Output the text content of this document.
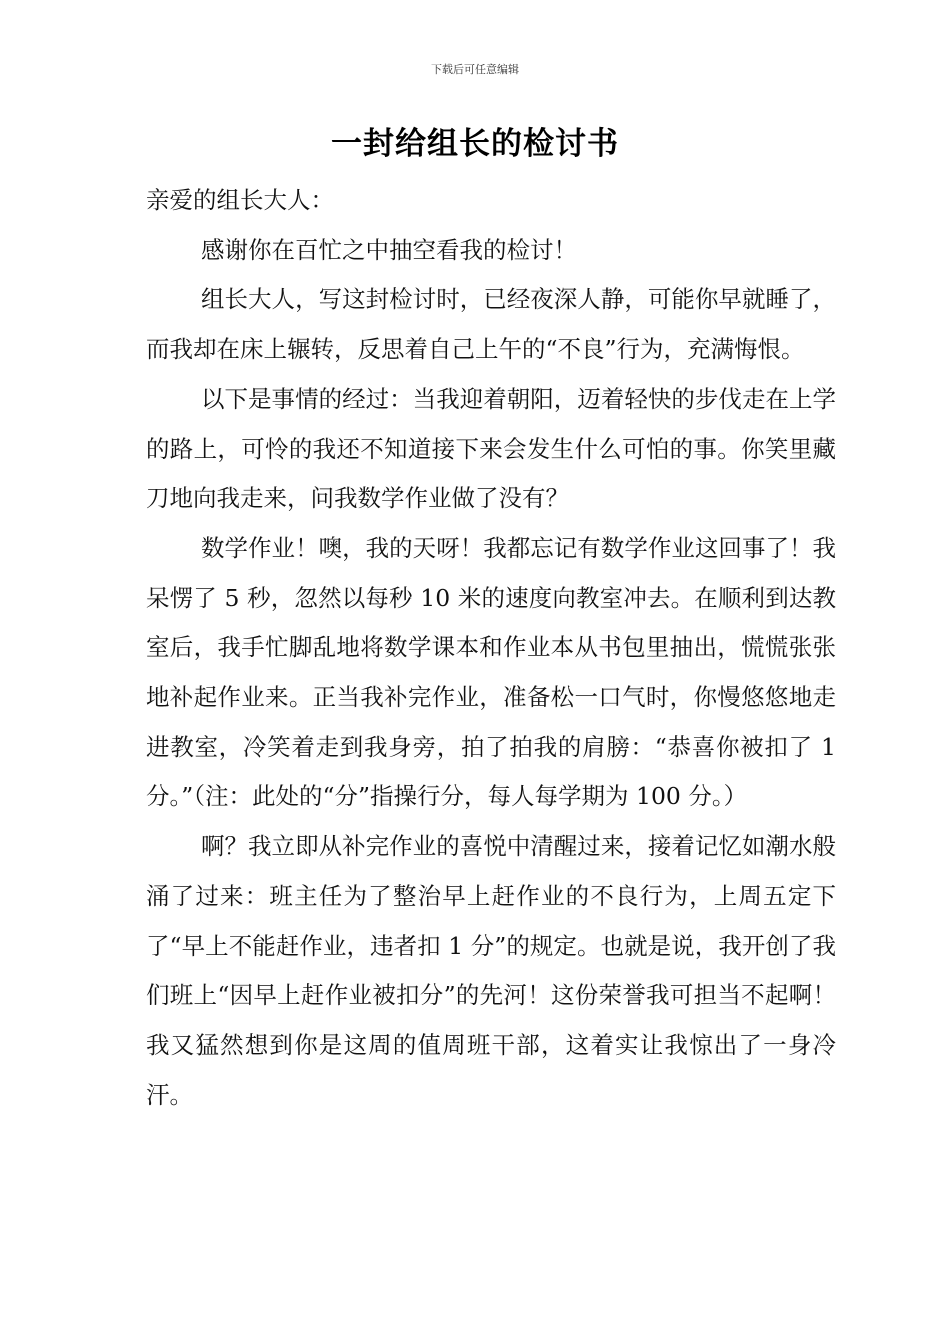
下载后可任意编辑
一封给组长的检讨书

亲爱的组长大人：

感谢你在百忙之中抽空看我的检讨！

组长大人，写这封检讨时，已经夜深人静，可能你早就睡了，而我却在床上辗转，反思着自己上午的“不良”行为，充满悔恨。

以下是事情的经过：当我迎着朝阳，迈着轻快的步伐走在上学的路上，可怜的我还不知道接下来会发生什么可怕的事。你笑里藏刀地向我走来，问我数学作业做了没有？

数学作业！噢，我的天呀！我都忘记有数学作业这回事了！我呆愣了 5 秒，忽然以每秒 10 米的速度向教室冲去。在顺利到达教室后，我手忙脚乱地将数学课本和作业本从书包里抽出，慌慌张张地补起作业来。正当我补完作业，准备松一口气时，你慢悠悠地走进教室，冷笑着走到我身旁，拍了拍我的肩膀：“恭喜你被扣了 1 分。”（注：此处的“分”指操行分，每人每学期为 100 分。）

啊？我立即从补完作业的喜悦中清醒过来，接着记忆如潮水般涌了过来：班主任为了整治早上赶作业的不良行为，上周五定下了“早上不能赶作业，违者扣 1 分”的规定。也就是说，我开创了我们班上“因早上赶作业被扣分”的先河！这份荣誉我可担当不起啊！我又猛然想到你是这周的值周班干部，这着实让我惊出了一身冷汗。
